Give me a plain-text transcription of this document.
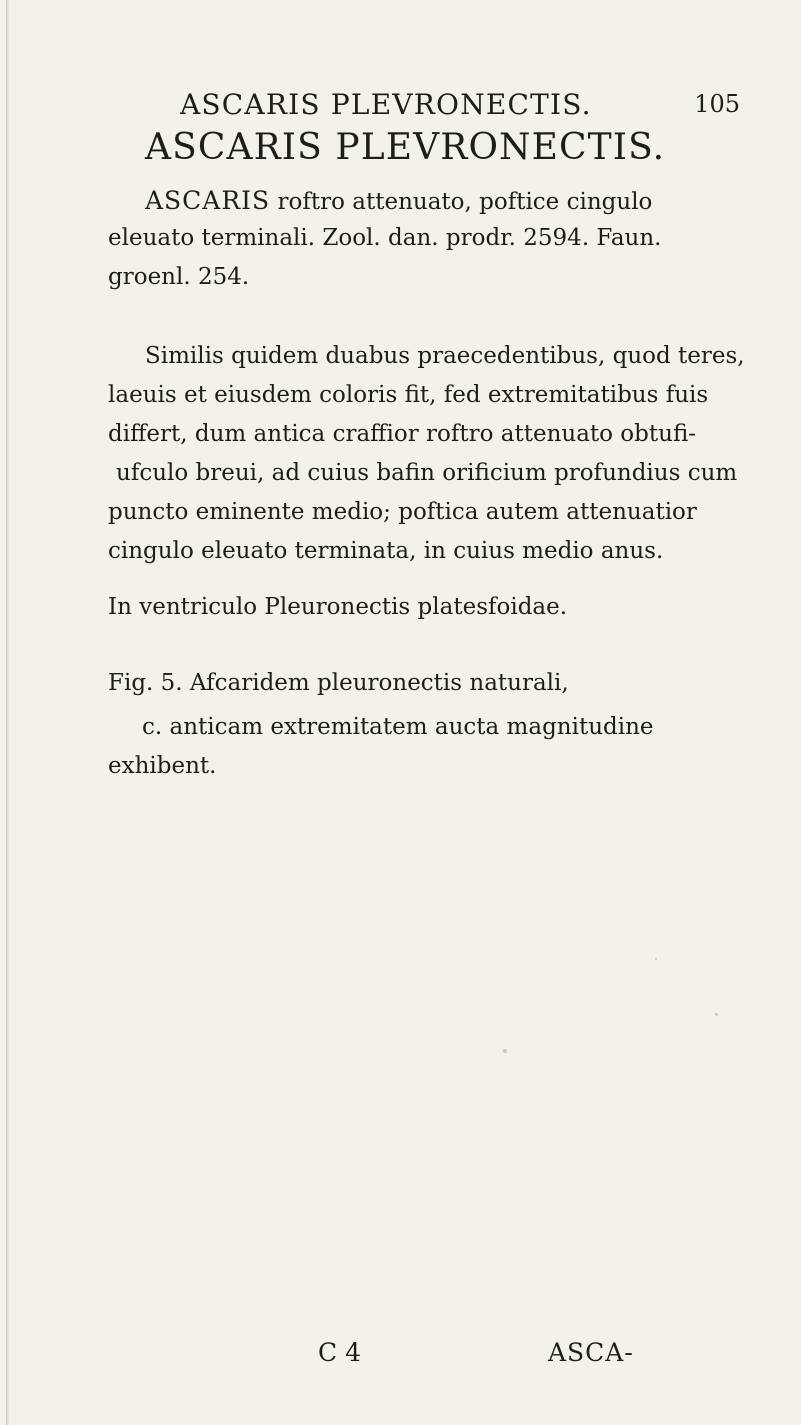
ASCARIS PLEVRONECTIS.	105
ASCARIS PLEVRONECTIS.
ASCARIS roftro attenuato, poftice cingulo
eleuato terminali. Zool. dan. prodr. 2594. Faun.
groenl. 254.
Similis quidem duabus praecedentibus, quod teres,
laeuis et eiusdem coloris fit, fed extremitatibus fuis
differt, dum antica craffior roftro attenuato obtufi-
ufculo breui, ad cuius bafin orificium profundius cum
puncto eminente medio; poftica autem attenuatior
cingulo eleuato terminata, in cuius medio anus.
In ventriculo Pleuronectis platesfoidae.
Fig. 5. Afcaridem pleuronectis naturali,
c. anticam extremitatem aucta magnitudine
exhibent.
C 4	ASCA-
